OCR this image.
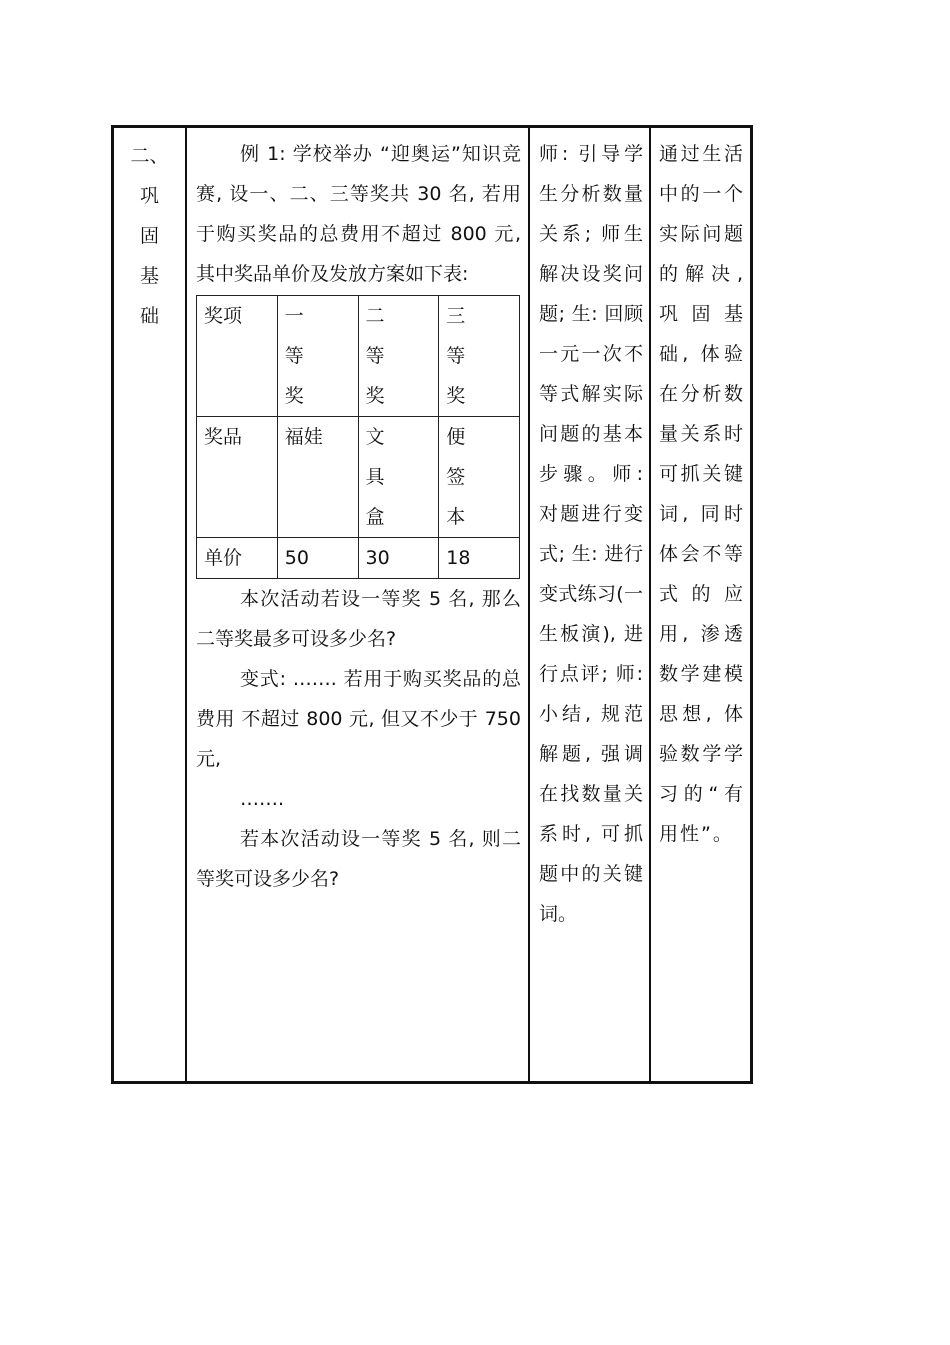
二、
巩
固
基
础

例 1: 学校举办 “迎奥运”知识竞赛, 设一、二、三等奖共 30 名, 若用于购买奖品的总费用不超过 800 元, 其中奖品单价及发放方案如下表:

奖项	一等奖	二等奖	三等奖
奖品	福娃	文具盒	便签本
单价	50	30	18

本次活动若设一等奖 5 名, 那么二等奖最多可设多少名?

变式: ……. 若用于购买奖品的总费用 不超过 800 元, 但又不少于 750 元,

…….

若本次活动设一等奖 5 名, 则二等奖可设多少名?

师: 引导学生分析数量关系; 师生解决设奖问题; 生: 回顾一元一次不等式解实际问题的基本步骤。师: 对题进行变式; 生: 进行变式练习(一生板演), 进行点评; 师: 小结, 规范解题, 强调在找数量关系时, 可抓题中的关键词。
通过生活中的一个实际问题的解决, 巩固基础, 体验在分析数量关系时可抓关键词, 同时体会不等式的应用, 渗透数学建模思想, 体验数学学习的“有用性”。
